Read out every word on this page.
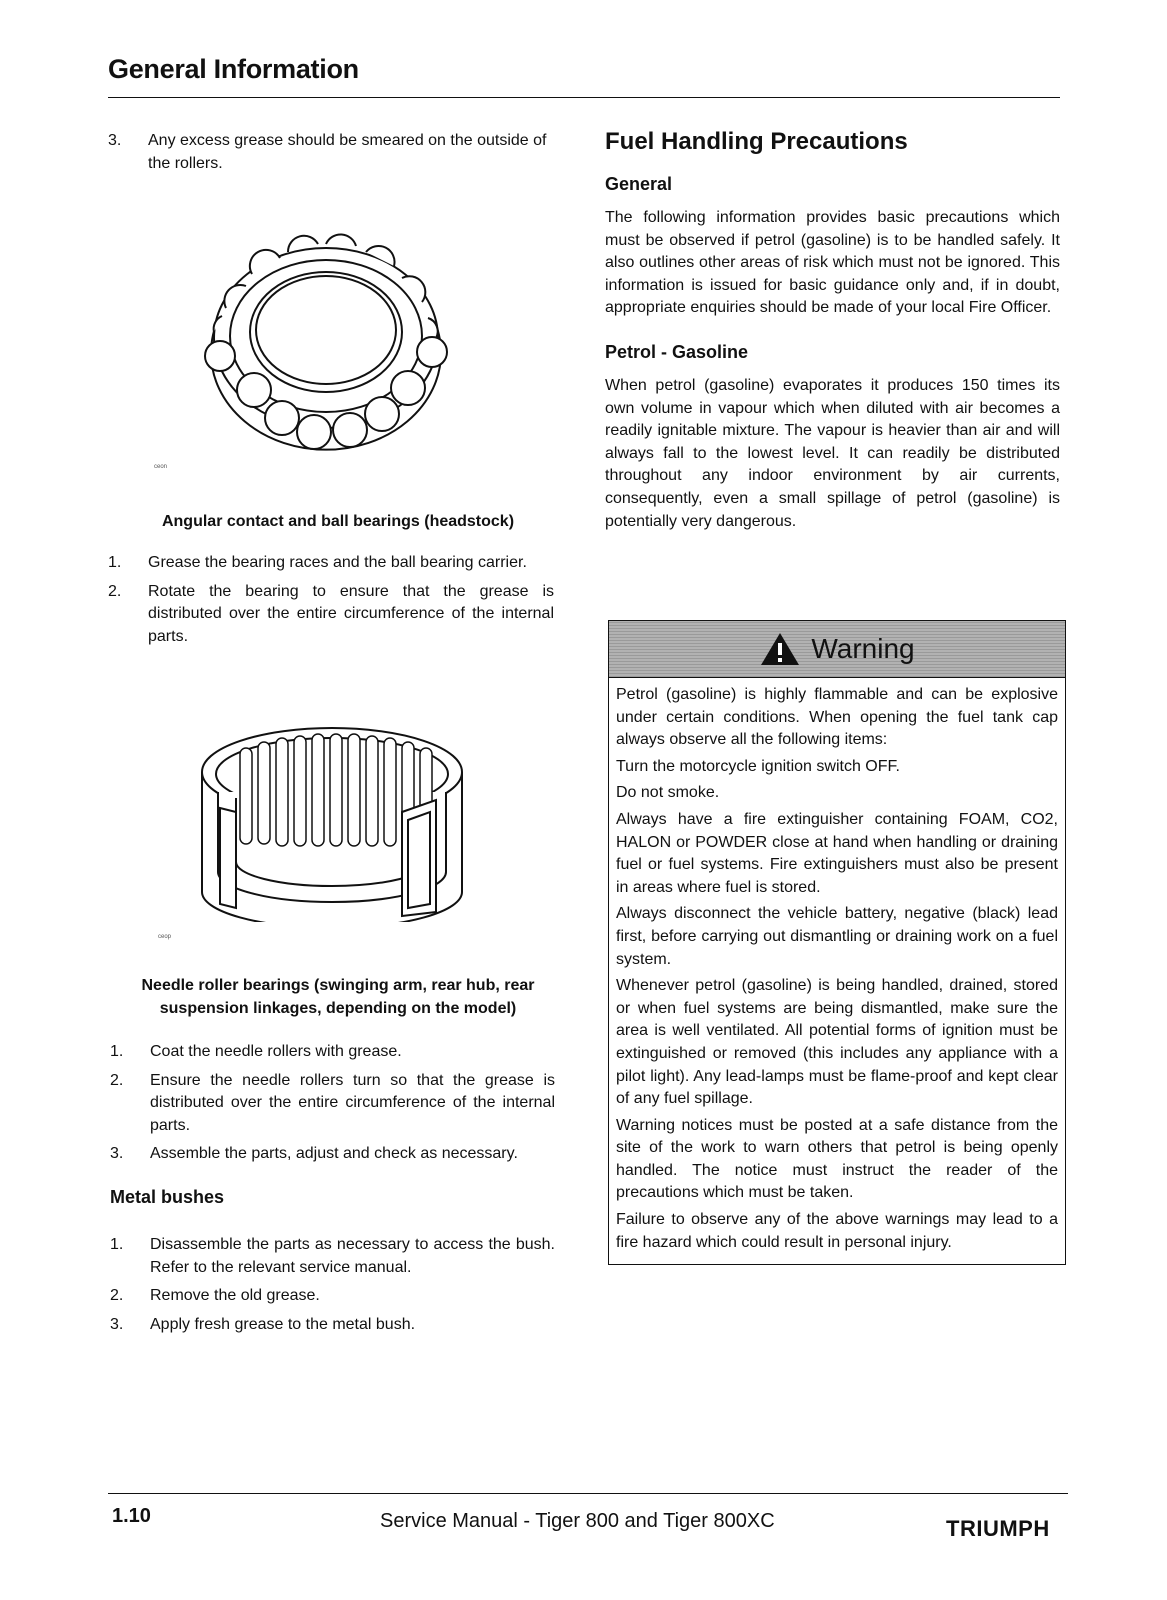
General Information
3.	Any excess grease should be smeared on the outside of the rollers.
ceon
Angular contact and ball bearings (headstock)
1.	Grease the bearing races and the ball bearing carrier.
2.	Rotate the bearing to ensure that the grease is distributed over the entire circumference of the internal parts.
ceop
Needle roller bearings (swinging arm, rear hub, rear suspension linkages, depending on the model)
1.	Coat the needle rollers with grease.
2.	Ensure the needle rollers turn so that the grease is distributed over the entire circumference of the internal parts.
3.	Assemble the parts, adjust and check as necessary.
Metal bushes
1.	Disassemble the parts as necessary to access the bush. Refer to the relevant service manual.
2.	Remove the old grease.
3.	Apply fresh grease to the metal bush.
Fuel Handling Precautions
General
The following information provides basic precautions which must be observed if petrol (gasoline) is to be handled safely. It also outlines other areas of risk which must not be ignored. This information is issued for basic guidance only and, if in doubt, appropriate enquiries should be made of your local Fire Officer.
Petrol - Gasoline
When petrol (gasoline) evaporates it produces 150 times its own volume in vapour which when diluted with air becomes a readily ignitable mixture. The vapour is heavier than air and will always fall to the lowest level. It can readily be distributed throughout any indoor environment by air currents, consequently, even a small spillage of petrol (gasoline) is potentially very dangerous.
Warning

Petrol (gasoline) is highly flammable and can be explosive under certain conditions. When opening the fuel tank cap always observe all the following items:

Turn the motorcycle ignition switch OFF.

Do not smoke.

Always have a fire extinguisher containing FOAM, CO2, HALON or POWDER close at hand when handling or draining fuel or fuel systems. Fire extinguishers must also be present in areas where fuel is stored.

Always disconnect the vehicle battery, negative (black) lead first, before carrying out dismantling or draining work on a fuel system.

Whenever petrol (gasoline) is being handled, drained, stored or when fuel systems are being dismantled, make sure the area is well ventilated. All potential forms of ignition must be extinguished or removed (this includes any appliance with a pilot light). Any lead-lamps must be flame-proof and kept clear of any fuel spillage.

Warning notices must be posted at a safe distance from the site of the work to warn others that petrol is being openly handled. The notice must instruct the reader of the precautions which must be taken.

Failure to observe any of the above warnings may lead to a fire hazard which could result in personal injury.

1.10	Service Manual - Tiger 800 and Tiger 800XC	TRIUMPH
